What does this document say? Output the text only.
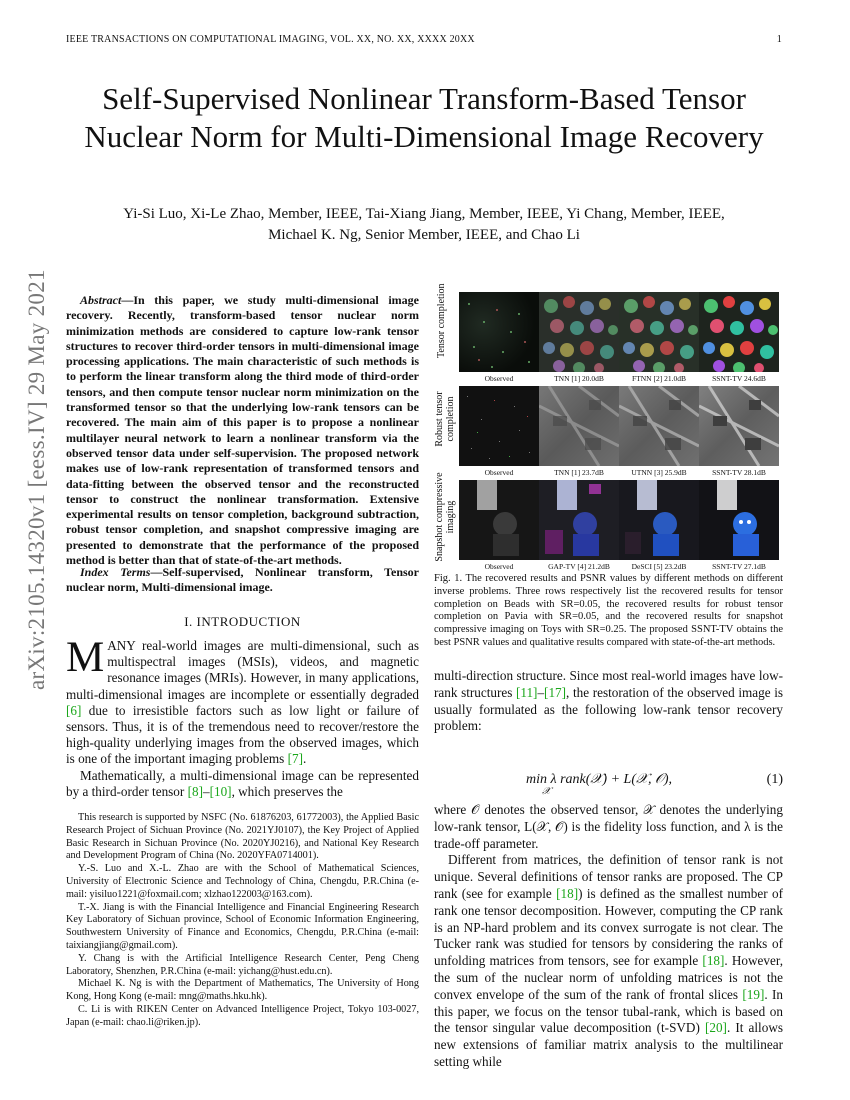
IEEE TRANSACTIONS ON COMPUTATIONAL IMAGING, VOL. XX, NO. XX, XXXX 20XX	1
arXiv:2105.14320v1 [eess.IV] 29 May 2021
Self-Supervised Nonlinear Transform-Based Tensor Nuclear Norm for Multi-Dimensional Image Recovery
Yi-Si Luo, Xi-Le Zhao, Member, IEEE, Tai-Xiang Jiang, Member, IEEE, Yi Chang, Member, IEEE,
Michael K. Ng, Senior Member, IEEE, and Chao Li
Abstract—In this paper, we study multi-dimensional image recovery. Recently, transform-based tensor nuclear norm minimization methods are considered to capture low-rank tensor structures to recover third-order tensors in multi-dimensional image processing applications. The main characteristic of such methods is to perform the linear transform along the third mode of third-order tensors, and then compute tensor nuclear norm minimization on the transformed tensor so that the underlying low-rank tensors can be recovered. The main aim of this paper is to propose a nonlinear multilayer neural network to learn a nonlinear transform via the observed tensor data under self-supervision. The proposed network makes use of low-rank representation of transformed tensors and data-fitting between the observed tensor and the reconstructed tensor to construct the nonlinear transformation. Extensive experimental results on tensor completion, background subtraction, robust tensor completion, and snapshot compressive imaging are presented to demonstrate that the performance of the proposed method is better than that of state-of-the-art methods.
Index Terms—Self-supervised, Nonlinear transform, Tensor nuclear norm, Multi-dimensional image.
I. INTRODUCTION

MANY real-world images are multi-dimensional, such as multispectral images (MSIs), videos, and magnetic resonance images (MRIs). However, in many applications, multi-dimensional images are incomplete or essentially degraded [6] due to irresistible factors such as low light or failure of sensors. Thus, it is of the tremendous need to recover/restore the high-quality underlying images from the observed images, which is one of the important imaging problems [7].

Mathematically, a multi-dimensional image can be represented by a third-order tensor [8]–[10], which preserves the

This research is supported by NSFC (No. 61876203, 61772003), the Applied Basic Research Project of Sichuan Province (No. 2021YJ0107), the Key Project of Applied Basic Research in Sichuan Province (No. 2020YJ0216), and National Key Research and Development Program of China (No. 2020YFA0714001).

Y.-S. Luo and X.-L. Zhao are with the School of Mathematical Sciences, University of Electronic Science and Technology of China, Chengdu, P.R.China (e-mail: yisiluo1221@foxmail.com; xlzhao122003@163.com).

T.-X. Jiang is with the Financial Intelligence and Financial Engineering Research Key Laboratory of Sichuan province, School of Economic Information Engineering, Southwestern University of Finance and Economics, Chengdu, P.R.China (e-mail: taixiangjiang@gmail.com).

Y. Chang is with the Artificial Intelligence Research Center, Peng Cheng Laboratory, Shenzhen, P.R.China (e-mail: yichang@hust.edu.cn).

Michael K. Ng is with the Department of Mathematics, The University of Hong Kong, Hong Kong (e-mail: mng@maths.hku.hk).

C. Li is with RIKEN Center on Advanced Intelligence Project, Tokyo 103-0027, Japan (e-mail: chao.li@riken.jp).

Tensor completion
Robust tensor completion
Snapshot compressive imaging
Observed	TNN [1] 20.0dB	FTNN [2] 21.0dB	SSNT-TV 24.6dB
Observed	TNN [1] 23.7dB	UTNN [3] 25.9dB	SSNT-TV 28.1dB
Observed	GAP-TV [4] 21.2dB	DeSCI [5] 23.2dB	SSNT-TV 27.1dB
Fig. 1. The recovered results and PSNR values by different methods on different inverse problems. Three rows respectively list the recovered results for tensor completion on Beads with SR=0.05, the recovered results for robust tensor completion on Pavia with SR=0.05, and the recovered results for snapshot compressive imaging on Toys with SR=0.25. The proposed SSNT-TV obtains the best PSNR values and qualitative results compared with state-of-the-art methods.

multi-direction structure. Since most real-world images have low-rank structures [11]–[17], the restoration of the observed image is usually formulated as the following low-rank tensor recovery problem:

min λ rank(𝒳) + L(𝒳, 𝒪),
𝒳
(1)

where 𝒪 denotes the observed tensor, 𝒳 denotes the underlying low-rank tensor, L(𝒳, 𝒪) is the fidelity loss function, and λ is the trade-off parameter.

Different from matrices, the definition of tensor rank is not unique. Several definitions of tensor ranks are proposed. The CP rank (see for example [18]) is defined as the smallest number of rank one tensor decomposition. However, computing the CP rank is an NP-hard problem and its convex surrogate is not clear. The Tucker rank was studied for tensors by considering the ranks of unfolding matrices from tensors, see for example [18]. However, the sum of the nuclear norm of unfolding matrices is not the convex envelope of the sum of the rank of frontal slices [19]. In this paper, we focus on the tensor tubal-rank, which is based on the tensor singular value decomposition (t-SVD) [20]. It allows new extensions of familiar matrix analysis to the multilinear setting while
